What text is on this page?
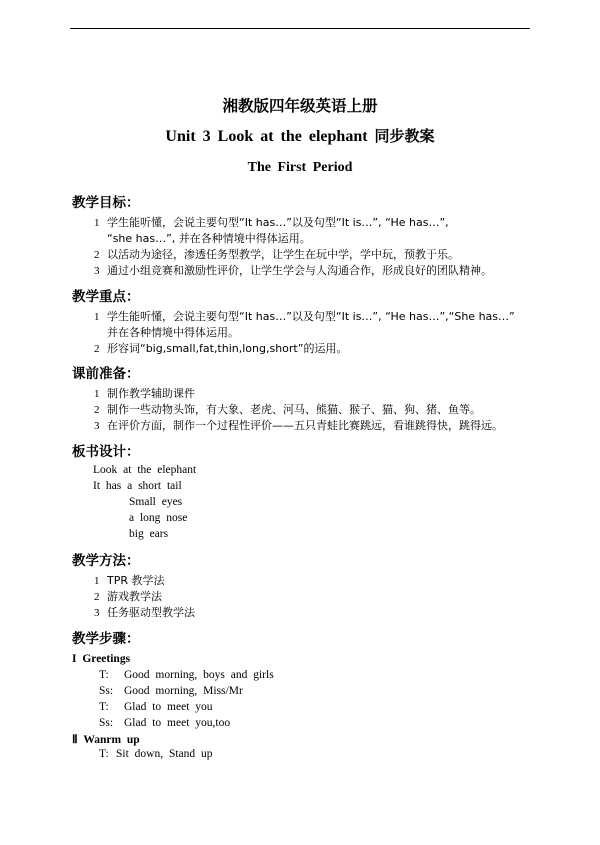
湘教版四年级英语上册
Unit 3 Look at the elephant 同步教案
The First Period
教学目标：
1 学生能听懂，会说主要句型“It has…”以及句型“It is…”, “He has…”,
“she has…”, 并在各种情境中得体运用。
2 以活动为途径，渗透任务型教学，让学生在玩中学，学中玩，预教于乐。
3 通过小组竞赛和激励性评价，让学生学会与人沟通合作，形成良好的团队精神。
教学重点：
1 学生能听懂，会说主要句型“It has…”以及句型“It is…”, “He has…”,“She has…”
并在各种情境中得体运用。
2 形容词“big,small,fat,thin,long,short”的运用。
课前准备：
1 制作教学辅助课件
2 制作一些动物头饰，有大象、老虎、河马、熊猫、猴子、猫、狗、猪、鱼等。
3 在评价方面，制作一个过程性评价——五只青蛙比赛跳远，看谁跳得快，跳得远。
板书设计：
Look at the elephant
It has a short tail
Small eyes
a long nose
big ears
教学方法：
1 TPR 教学法
2 游戏教学法
3 任务驱动型教学法
教学步骤：
I Greetings
T: Good morning, boys and girls
Ss: Good morning, Miss/Mr
T: Glad to meet you
Ss: Glad to meet you,too
Ⅱ Wanrm up
T: Sit down, Stand up
